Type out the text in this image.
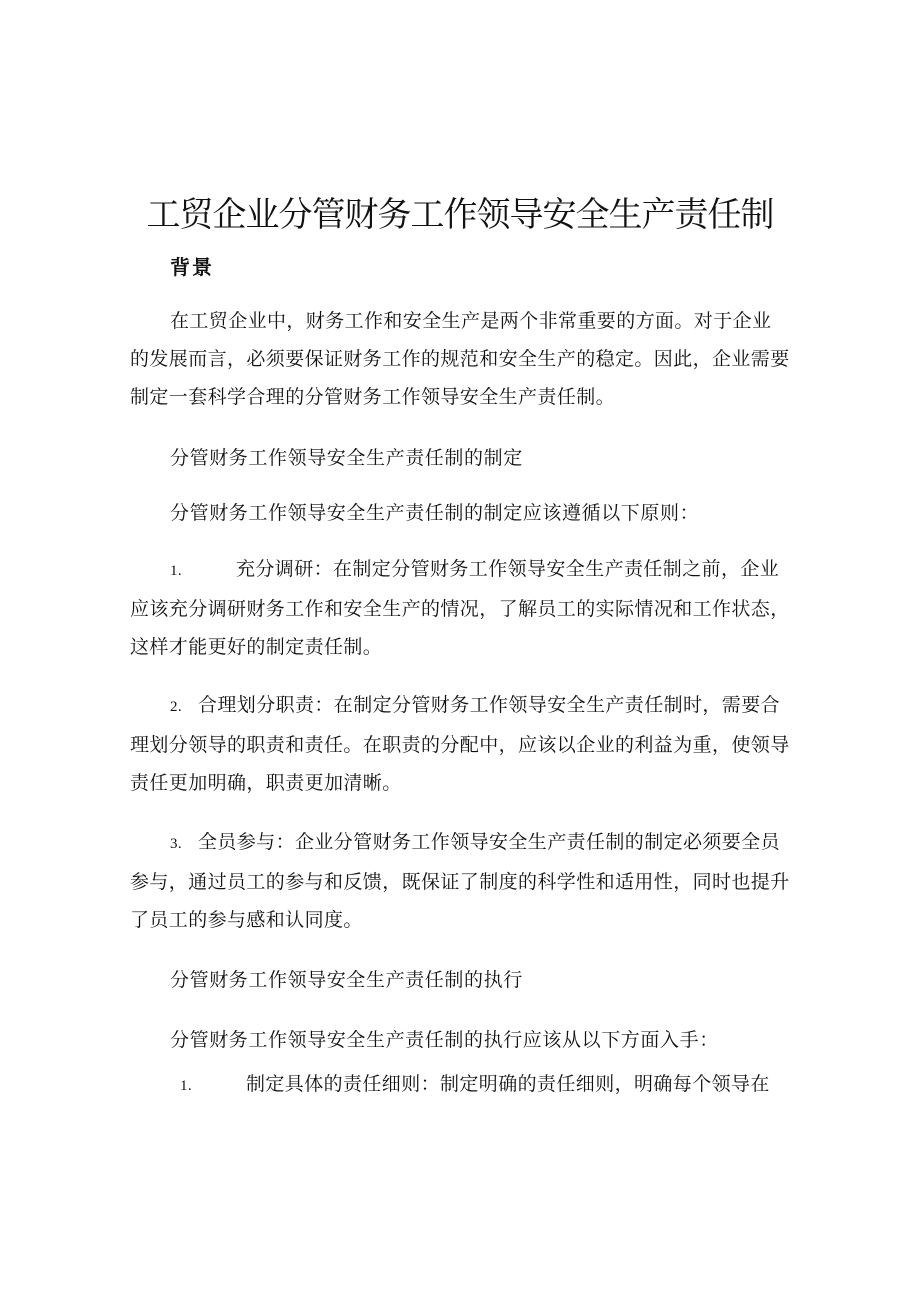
工贸企业分管财务工作领导安全生产责任制
背景

在工贸企业中，财务工作和安全生产是两个非常重要的方面。对于企业的发展而言，必须要保证财务工作的规范和安全生产的稳定。因此，企业需要制定一套科学合理的分管财务工作领导安全生产责任制。

分管财务工作领导安全生产责任制的制定

分管财务工作领导安全生产责任制的制定应该遵循以下原则：

1.	充分调研：在制定分管财务工作领导安全生产责任制之前，企业应该充分调研财务工作和安全生产的情况，了解员工的实际情况和工作状态，这样才能更好的制定责任制。

2. 合理划分职责：在制定分管财务工作领导安全生产责任制时，需要合理划分领导的职责和责任。在职责的分配中，应该以企业的利益为重，使领导责任更加明确，职责更加清晰。

3. 全员参与：企业分管财务工作领导安全生产责任制的制定必须要全员参与，通过员工的参与和反馈，既保证了制度的科学性和适用性，同时也提升了员工的参与感和认同度。

分管财务工作领导安全生产责任制的执行

分管财务工作领导安全生产责任制的执行应该从以下方面入手：

1.	制定具体的责任细则：制定明确的责任细则，明确每个领导在
